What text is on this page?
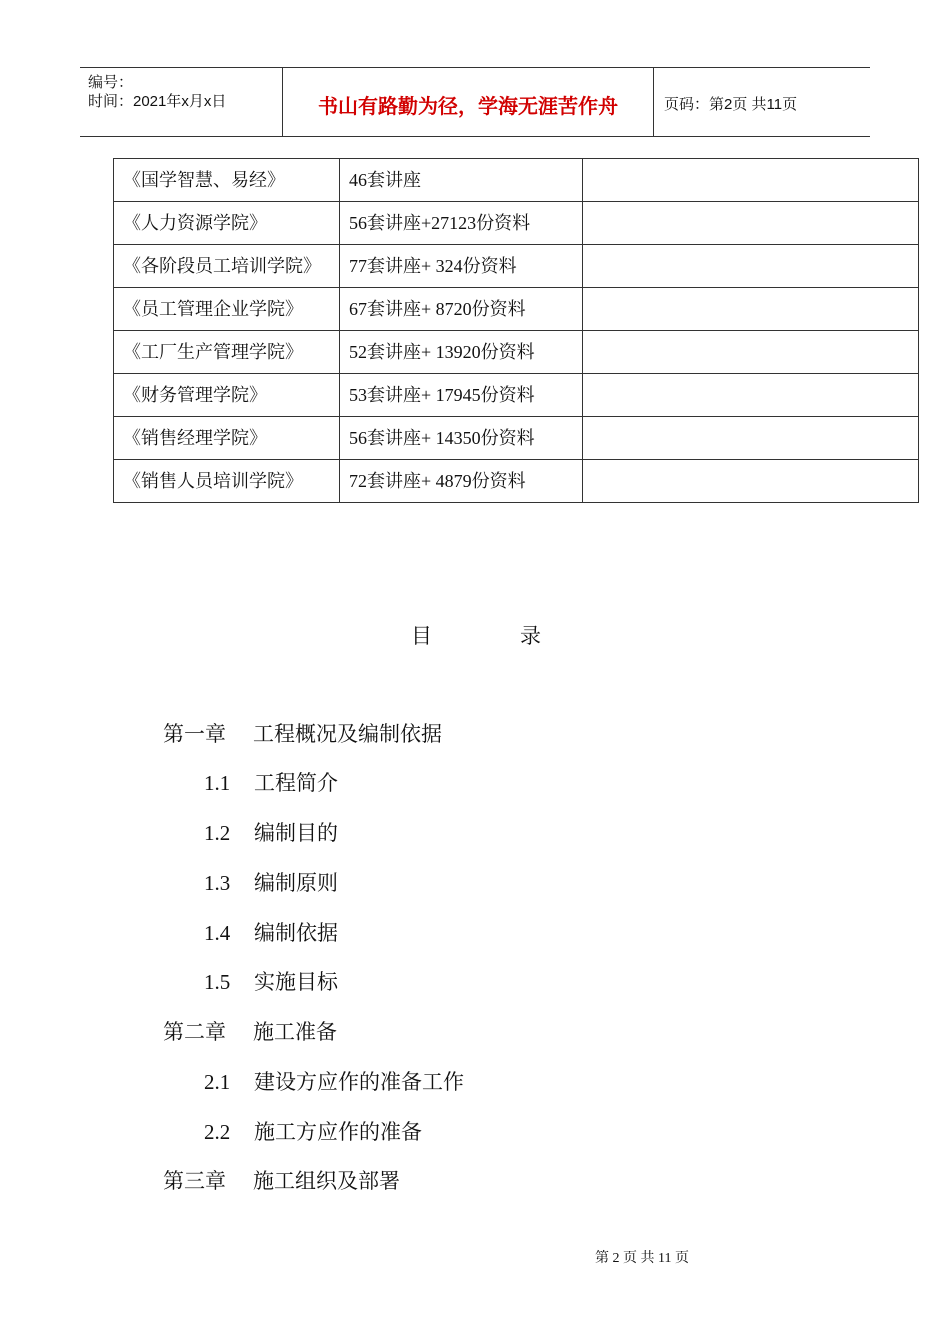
编号：
时间：2021年x月x日	书山有路勤为径，学海无涯苦作舟	页码：第2页 共11页
《国学智慧、易经》	46套讲座	
《人力资源学院》	56套讲座+27123份资料	
《各阶段员工培训学院》	77套讲座+ 324份资料	
《员工管理企业学院》	67套讲座+ 8720份资料	
《工厂生产管理学院》	52套讲座+ 13920份资料	
《财务管理学院》	53套讲座+ 17945份资料	
《销售经理学院》	56套讲座+ 14350份资料	
《销售人员培训学院》	72套讲座+ 4879份资料	
目	录
第一章 工程概况及编制依据
1.1 工程简介
1.2 编制目的
1.3 编制原则
1.4 编制依据
1.5 实施目标
第二章 施工准备
2.1 建设方应作的准备工作
2.2 施工方应作的准备
第三章 施工组织及部署
第 2 页 共 11 页
